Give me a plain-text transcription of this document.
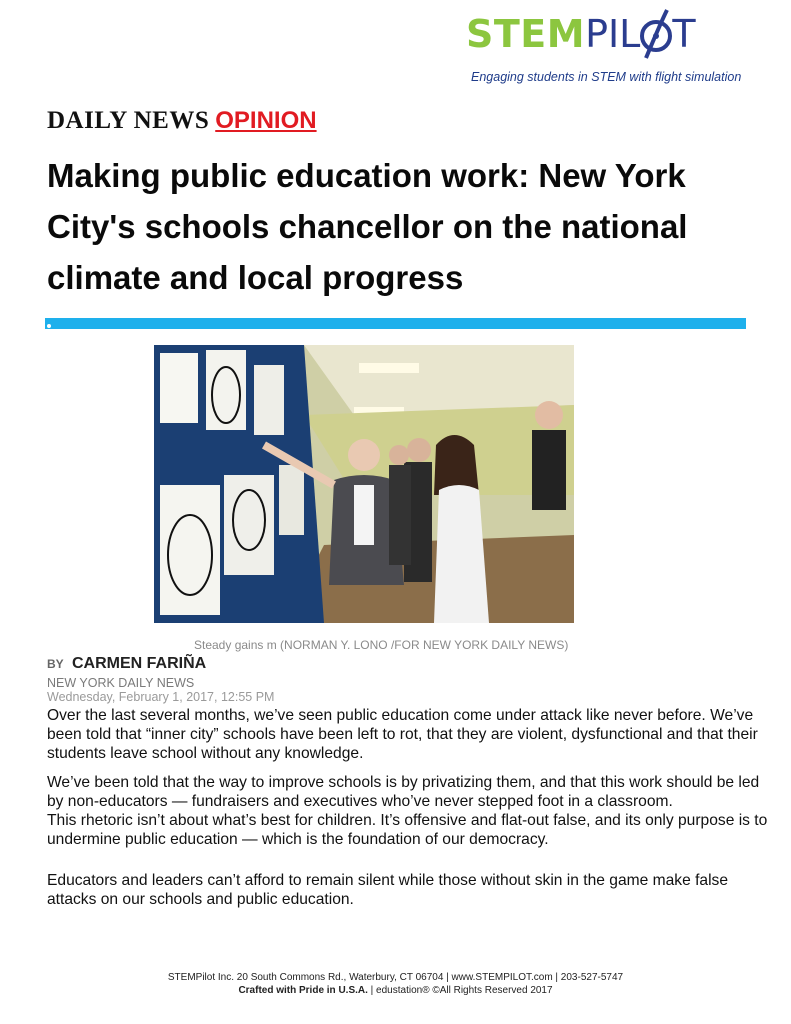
STEM PIL T
Engaging students in STEM with flight simulation
DAILY NEWS OPINION
Making public education work: New York City's schools chancellor on the national climate and local progress
Steady gains m (NORMAN Y. LONO /FOR NEW YORK DAILY NEWS)
BY CARMEN FARIÑA
NEW YORK DAILY NEWS
Wednesday, February 1, 2017, 12:55 PM

Over the last several months, we’ve seen public education come under attack like never before. We’ve been told that “inner city” schools have been left to rot, that they are violent, dysfunctional and that their students leave school without any knowledge.

We’ve been told that the way to improve schools is by privatizing them, and that this work should be led by non-educators — fundraisers and executives who’ve never stepped foot in a classroom.

This rhetoric isn’t about what’s best for children. It’s offensive and flat-out false, and its only purpose is to undermine public education — which is the foundation of our democracy.

Educators and leaders can’t afford to remain silent while those without skin in the game make false attacks on our schools and public education.

STEMPilot Inc. 20 South Commons Rd., Waterbury, CT 06704 | www.STEMPILOT.com | 203-527-5747
Crafted with Pride in U.S.A. | edustation® ©All Rights Reserved 2017
